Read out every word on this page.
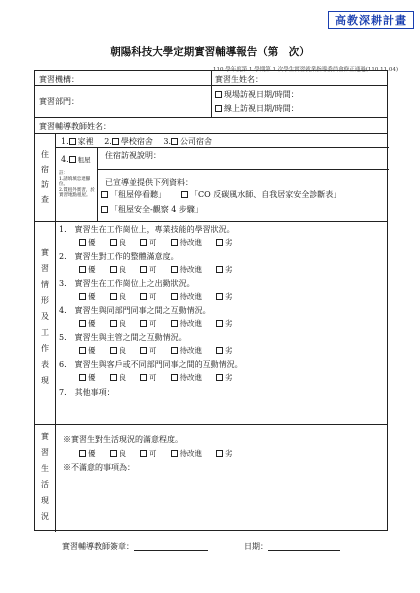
高教深耕計畫
朝陽科技大學定期實習輔導報告（第　次）
110 學年度第 1 學期第 1 次學生實習就業指導委員會修正通過(110.11.04)
實習機構：	實習生姓名：
實習部門：
現場訪視日期/時間：
線上訪視日期/時間：
實習輔導教師姓名：
住
宿
訪
查
1. 家裡 2. 學校宿舍 3. 公司宿舍
4. 租屋
註：
1.請填填忠達腳位。
2.賃租外實習，於實習地點租屋。
住宿訪視說明：
已宣導並提供下列資料：
「租屋停看聽」	「CO 反碳風水師、自我居家安全診斷表」
「租屋安全-觀察 4 步驟」
實
習
情
形
及
工
作
表
現
1.  實習生在工作崗位上，專業技能的學習狀況。
優	良	可	待改進	劣
2.  實習生對工作的整體滿意度。
優	良	可	待改進	劣
3.  實習生在工作崗位上之出勤狀況。
優	良	可	待改進	劣
4.  實習生與同部門同事之間之互動情況。
優	良	可	待改進	劣
5.  實習生與主管之間之互動情況。
優	良	可	待改進	劣
6.  實習生與客戶或不同部門同事之間的互動情況。
優	良	可	待改進	劣
7.  其他事項：
實
習
生
活
現
況
※實習生對生活現況的滿意程度。
優	良	可	待改進	劣
※不滿意的事項為：
實習輔導教師簽章：	日期：
